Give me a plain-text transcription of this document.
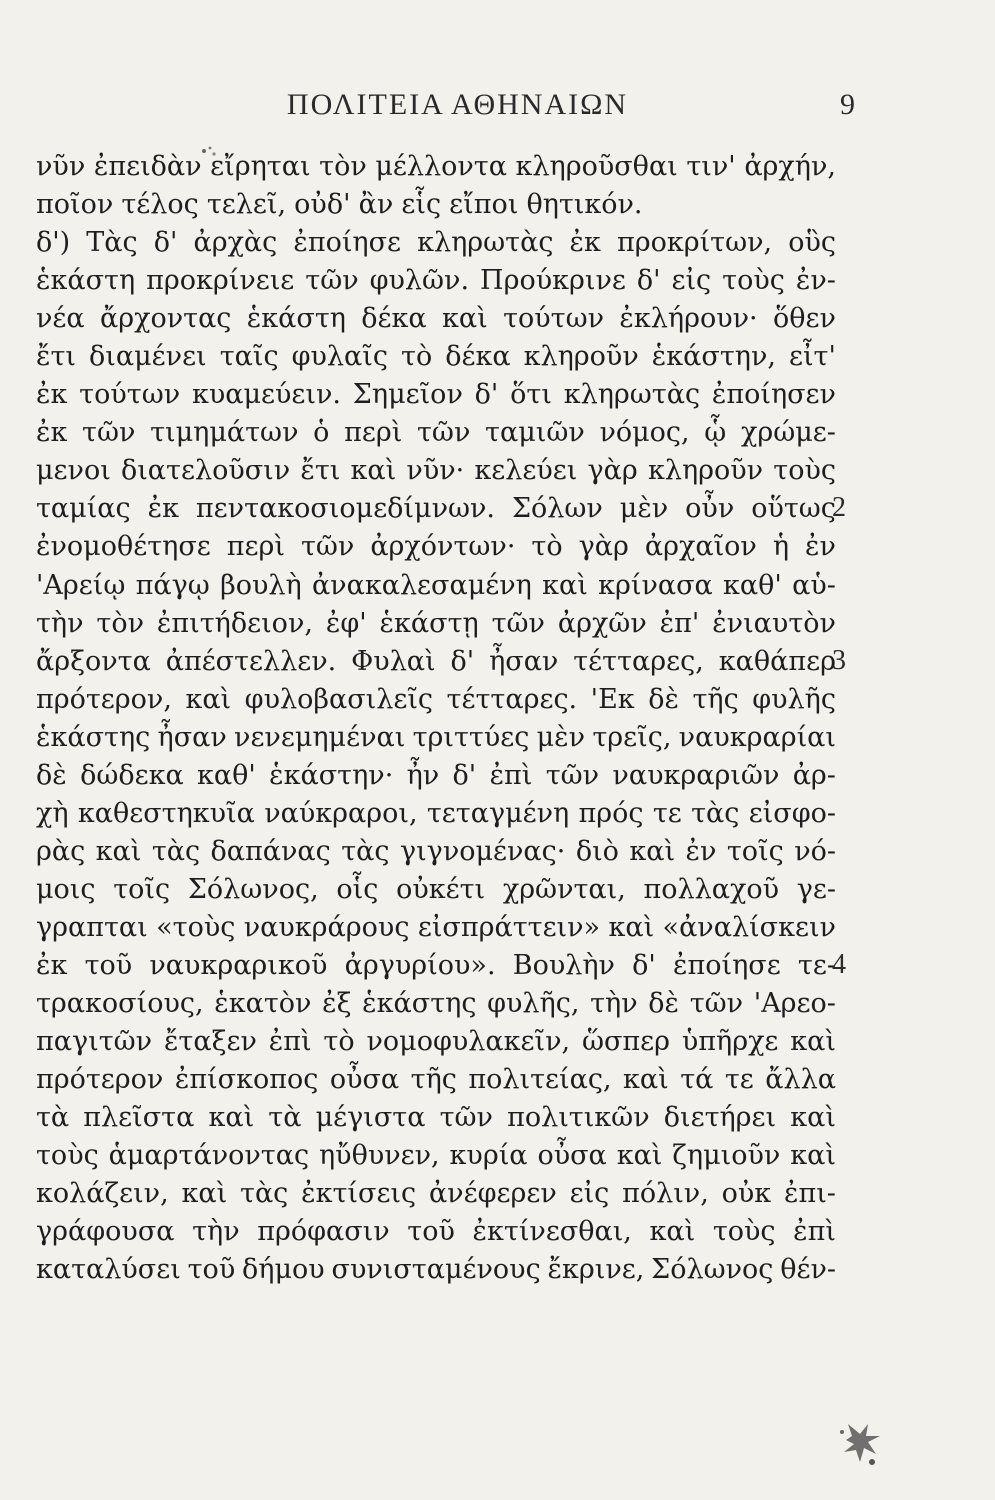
ΠΟΛΙΤΕΙΑ ΑΘΗΝΑΙΩΝ	9
νῦν ἐπειδὰν εἴρηται τὸν μέλλοντα κληροῦσθαι τιν' ἀρχήν,
ποῖον τέλος τελεῖ, οὐδ' ἂν εἷς εἴποι θητικόν.
δ') Τὰς δ' ἀρχὰς ἐποίησε κληρωτὰς ἐκ προκρίτων, οὓς
ἑκάστη προκρίνειε τῶν φυλῶν. Προύκρινε δ' εἰς τοὺς ἐν-
νέα ἄρχοντας ἑκάστη δέκα καὶ τούτων ἐκλήρουν· ὅθεν
ἔτι διαμένει ταῖς φυλαῖς τὸ δέκα κληροῦν ἑκάστην, εἶτ'
ἐκ τούτων κυαμεύειν. Σημεῖον δ' ὅτι κληρωτὰς ἐποίησεν
ἐκ τῶν τιμημάτων ὁ περὶ τῶν ταμιῶν νόμος, ᾧ χρώμε-
μενοι διατελοῦσιν ἔτι καὶ νῦν· κελεύει γὰρ κληροῦν τοὺς
ταμίας ἐκ πεντακοσιομεδίμνων. Σόλων μὲν οὖν οὕτως
ἐνομοθέτησε περὶ τῶν ἀρχόντων· τὸ γὰρ ἀρχαῖον ἡ ἐν
'Αρείῳ πάγῳ βουλὴ ἀνακαλεσαμένη καὶ κρίνασα καθ' αὑ-
τὴν τὸν ἐπιτήδειον, ἐφ' ἑκάστῃ τῶν ἀρχῶν ἐπ' ἐνιαυτὸν
ἄρξοντα ἀπέστελλεν. Φυλαὶ δ' ἦσαν τέτταρες, καθάπερ
πρότερον, καὶ φυλοβασιλεῖς τέτταρες. 'Εκ δὲ τῆς φυλῆς
ἑκάστης ἦσαν νενεμημέναι τριττύες μὲν τρεῖς, ναυκραρίαι
δὲ δώδεκα καθ' ἑκάστην· ἦν δ' ἐπὶ τῶν ναυκραριῶν ἀρ-
χὴ καθεστηκυῖα ναύκραροι, τεταγμένη πρός τε τὰς εἰσφο-
ρὰς καὶ τὰς δαπάνας τὰς γιγνομένας· διὸ καὶ ἐν τοῖς νό-
μοις τοῖς Σόλωνος, οἷς οὐκέτι χρῶνται, πολλαχοῦ γε-
γραπται «τοὺς ναυκράρους εἰσπράττειν» καὶ «ἀναλίσκειν
ἐκ τοῦ ναυκραρικοῦ ἀργυρίου». Βουλὴν δ' ἐποίησε τε-
τρακοσίους, ἑκατὸν ἐξ ἑκάστης φυλῆς, τὴν δὲ τῶν 'Αρεο-
παγιτῶν ἔταξεν ἐπὶ τὸ νομοφυλακεῖν, ὥσπερ ὑπῆρχε καὶ
πρότερον ἐπίσκοπος οὖσα τῆς πολιτείας, καὶ τά τε ἄλλα
τὰ πλεῖστα καὶ τὰ μέγιστα τῶν πολιτικῶν διετήρει καὶ
τοὺς ἁμαρτάνοντας ηὔθυνεν, κυρία οὖσα καὶ ζημιοῦν καὶ
κολάζειν, καὶ τὰς ἐκτίσεις ἀνέφερεν εἰς πόλιν, οὐκ ἐπι-
γράφουσα τὴν πρόφασιν τοῦ ἐκτίνεσθαι, καὶ τοὺς ἐπὶ
καταλύσει τοῦ δήμου συνισταμένους ἔκρινε, Σόλωνος θέν-
2
3
4
